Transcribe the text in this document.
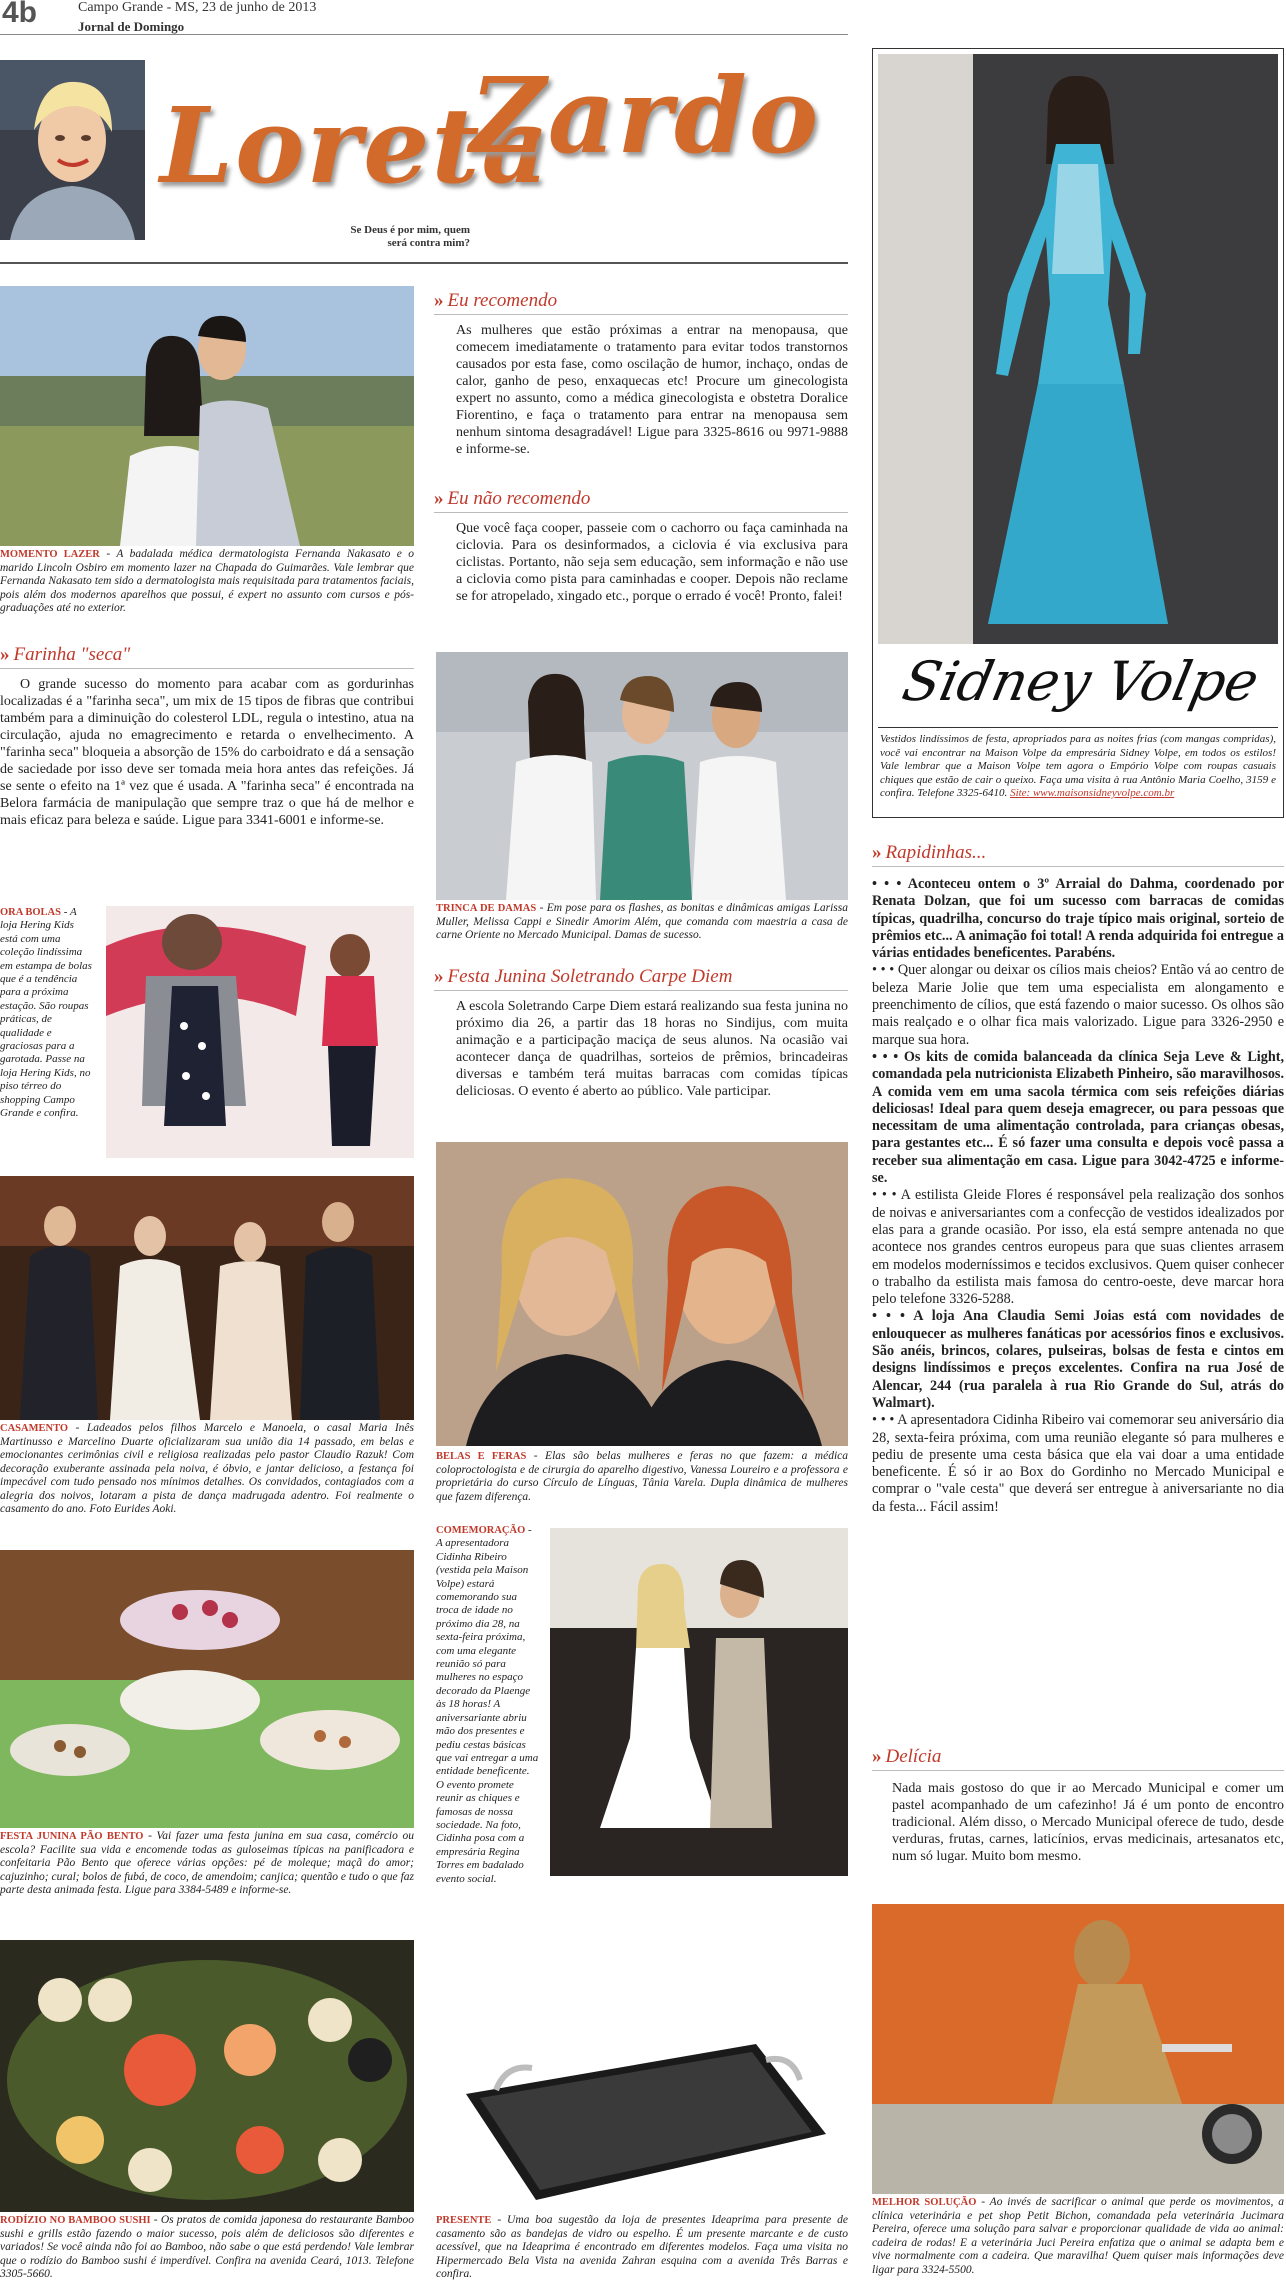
4b	Campo Grande - MS, 23 de junho de 2013
Jornal de Domingo
Loreta
Zardo
Se Deus é por mim, quem
será contra mim?
Sidney Volpe
Vestidos lindíssimos de festa, apropriados para as noites frias (com mangas compridas), você vai encontrar na Maison Volpe da empresária Sidney Volpe, em todos os estilos! Vale lembrar que a Maison Volpe tem agora o Empório Volpe com roupas casuais chiques que estão de cair o queixo. Faça uma visita à rua Antônio Maria Coelho, 3159 e confira. Telefone 3325-6410. Site: www.maisonsidneyvolpe.com.br
MOMENTO LAZER - A badalada médica dermatologista Fernanda Nakasato e o marido Lincoln Osbiro em momento lazer na Chapada do Guimarães. Vale lembrar que Fernanda Nakasato tem sido a dermatologista mais requisitada para tratamentos faciais, pois além dos modernos aparelhos que possui, é expert no assunto com cursos e pós-graduações até no exterior.
» Farinha "seca"
O grande sucesso do momento para acabar com as gordurinhas localizadas é a "farinha seca", um mix de 15 tipos de fibras que contribui também para a diminuição do colesterol LDL, regula o intestino, atua na circulação, ajuda no emagrecimento e retarda o envelhecimento. A "farinha seca" bloqueia a absorção de 15% do carboidrato e dá a sensação de saciedade por isso deve ser tomada meia hora antes das refeições. Já se sente o efeito na 1ª vez que é usada. A "farinha seca" é encontrada na Belora farmácia de manipulação que sempre traz o que há de melhor e mais eficaz para beleza e saúde. Ligue para 3341-6001 e informe-se.
ORA BOLAS - A loja Hering Kids está com uma coleção lindíssima em estampa de bolas que é a tendência para a próxima estação. São roupas práticas, de qualidade e graciosas para a garotada. Passe na loja Hering Kids, no piso térreo do shopping Campo Grande e confira.
CASAMENTO - Ladeados pelos filhos Marcelo e Manoela, o casal Maria Inês Martinusso e Marcelino Duarte oficializaram sua união dia 14 passado, em belas e emocionantes cerimônias civil e religiosa realizadas pelo pastor Claudio Razuk! Com decoração exuberante assinada pela noiva, é óbvio, e jantar delicioso, a festança foi impecável com tudo pensado nos mínimos detalhes. Os convidados, contagiados com a alegria dos noivos, lotaram a pista de dança madrugada adentro. Foi realmente o casamento do ano. Foto Eurides Aoki.
FESTA JUNINA PÃO BENTO - Vai fazer uma festa junina em sua casa, comércio ou escola? Facilite sua vida e encomende todas as guloseimas típicas na panificadora e confeitaria Pão Bento que oferece várias opções: pé de moleque; maçã do amor; cajuzinho; cural; bolos de fubá, de coco, de amendoim; canjica; quentão e tudo o que faz parte desta animada festa. Ligue para 3384-5489 e informe-se.
RODÍZIO NO BAMBOO SUSHI - Os pratos de comida japonesa do restaurante Bamboo sushi e grills estão fazendo o maior sucesso, pois além de deliciosos são diferentes e variados! Se você ainda não foi ao Bamboo, não sabe o que está perdendo! Vale lembrar que o rodízio do Bamboo sushi é imperdível. Confira na avenida Ceará, 1013. Telefone 3305-5660.
» Eu recomendo
As mulheres que estão próximas a entrar na menopausa, que comecem imediatamente o tratamento para evitar todos transtornos causados por esta fase, como oscilação de humor, inchaço, ondas de calor, ganho de peso, enxaquecas etc! Procure um ginecologista expert no assunto, como a médica ginecologista e obstetra Doralice Fiorentino, e faça o tratamento para entrar na menopausa sem nenhum sintoma desagradável! Ligue para 3325-8616 ou 9971-9888 e informe-se.
» Eu não recomendo
Que você faça cooper, passeie com o cachorro ou faça caminhada na ciclovia. Para os desinformados, a ciclovia é via exclusiva para ciclistas. Portanto, não seja sem educação, sem informação e não use a ciclovia como pista para caminhadas e cooper. Depois não reclame se for atropelado, xingado etc., porque o errado é você! Pronto, falei!
TRINCA DE DAMAS - Em pose para os flashes, as bonitas e dinâmicas amigas Larissa Muller, Melissa Cappi e Sinedir Amorim Além, que comanda com maestria a casa de carne Oriente no Mercado Municipal. Damas de sucesso.
» Festa Junina Soletrando Carpe Diem
A escola Soletrando Carpe Diem estará realizando sua festa junina no próximo dia 26, a partir das 18 horas no Sindijus, com muita animação e a participação maciça de seus alunos. Na ocasião vai acontecer dança de quadrilhas, sorteios de prêmios, brincadeiras diversas e também terá muitas barracas com comidas típicas deliciosas. O evento é aberto ao público. Vale participar.
BELAS E FERAS - Elas são belas mulheres e feras no que fazem: a médica coloproctologista e de cirurgia do aparelho digestivo, Vanessa Loureiro e a professora e proprietária do curso Círculo de Línguas, Tânia Varela. Dupla dinâmica de mulheres que fazem diferença.
COMEMORAÇÃO - A apresentadora Cidinha Ribeiro (vestida pela Maison Volpe) estará comemorando sua troca de idade no próximo dia 28, na sexta-feira próxima, com uma elegante reunião só para mulheres no espaço decorado da Plaenge às 18 horas! A aniversariante abriu mão dos presentes e pediu cestas básicas que vai entregar a uma entidade beneficente. O evento promete reunir as chiques e famosas de nossa sociedade. Na foto, Cidinha posa com a empresária Regina Torres em badalado evento social.
PRESENTE - Uma boa sugestão da loja de presentes Ideaprima para presente de casamento são as bandejas de vidro ou espelho. É um presente marcante e de custo acessível, que na Ideaprima é encontrado em diferentes modelos. Faça uma visita no Hipermercado Bela Vista na avenida Zahran esquina com a avenida Três Barras e confira.
» Rapidinhas...

• • • Aconteceu ontem o 3º Arraial do Dahma, coordenado por Renata Dolzan, que foi um sucesso com barracas de comidas típicas, quadrilha, concurso do traje típico mais original, sorteio de prêmios etc... A animação foi total! A renda adquirida foi entregue a várias entidades beneficentes. Parabéns.

• • • Quer alongar ou deixar os cílios mais cheios? Então vá ao centro de beleza Marie Jolie que tem uma especialista em alongamento e preenchimento de cílios, que está fazendo o maior sucesso. Os olhos são mais realçado e o olhar fica mais valorizado. Ligue para 3326-2950 e marque sua hora.

• • • Os kits de comida balanceada da clínica Seja Leve & Light, comandada pela nutricionista Elizabeth Pinheiro, são maravilhosos. A comida vem em uma sacola térmica com seis refeições diárias deliciosas! Ideal para quem deseja emagrecer, ou para pessoas que necessitam de uma alimentação controlada, para crianças obesas, para gestantes etc... É só fazer uma consulta e depois você passa a receber sua alimentação em casa. Ligue para 3042-4725 e informe-se.

• • • A estilista Gleide Flores é responsável pela realização dos sonhos de noivas e aniversariantes com a confecção de vestidos idealizados por elas para a grande ocasião. Por isso, ela está sempre antenada no que acontece nos grandes centros europeus para que suas clientes arrasem em modelos moderníssimos e tecidos exclusivos. Quem quiser conhecer o trabalho da estilista mais famosa do centro-oeste, deve marcar hora pelo telefone 3326-5288.

• • • A loja Ana Claudia Semi Joias está com novidades de enlouquecer as mulheres fanáticas por acessórios finos e exclusivos. São anéis, brincos, colares, pulseiras, bolsas de festa e cintos em designs lindíssimos e preços excelentes. Confira na rua José de Alencar, 244 (rua paralela à rua Rio Grande do Sul, atrás do Walmart).

• • • A apresentadora Cidinha Ribeiro vai comemorar seu aniversário dia 28, sexta-feira próxima, com uma reunião elegante só para mulheres e pediu de presente uma cesta básica que ela vai doar a uma entidade beneficente. É só ir ao Box do Gordinho no Mercado Municipal e comprar o "vale cesta" que deverá ser entregue à aniversariante no dia da festa... Fácil assim!

» Delícia
Nada mais gostoso do que ir ao Mercado Municipal e comer um pastel acompanhado de um cafezinho! Já é um ponto de encontro tradicional. Além disso, o Mercado Municipal oferece de tudo, desde verduras, frutas, carnes, laticínios, ervas medicinais, artesanatos etc, num só lugar. Muito bom mesmo.
MELHOR SOLUÇÃO - Ao invés de sacrificar o animal que perde os movimentos, a clínica veterinária e pet shop Petit Bichon, comandada pela veterinária Jucimara Pereira, oferece uma solução para salvar e proporcionar qualidade de vida ao animal: cadeira de rodas! E a veterinária Juci Pereira enfatiza que o animal se adapta bem e vive normalmente com a cadeira. Que maravilha! Quem quiser mais informações deve ligar para 3324-5500.
